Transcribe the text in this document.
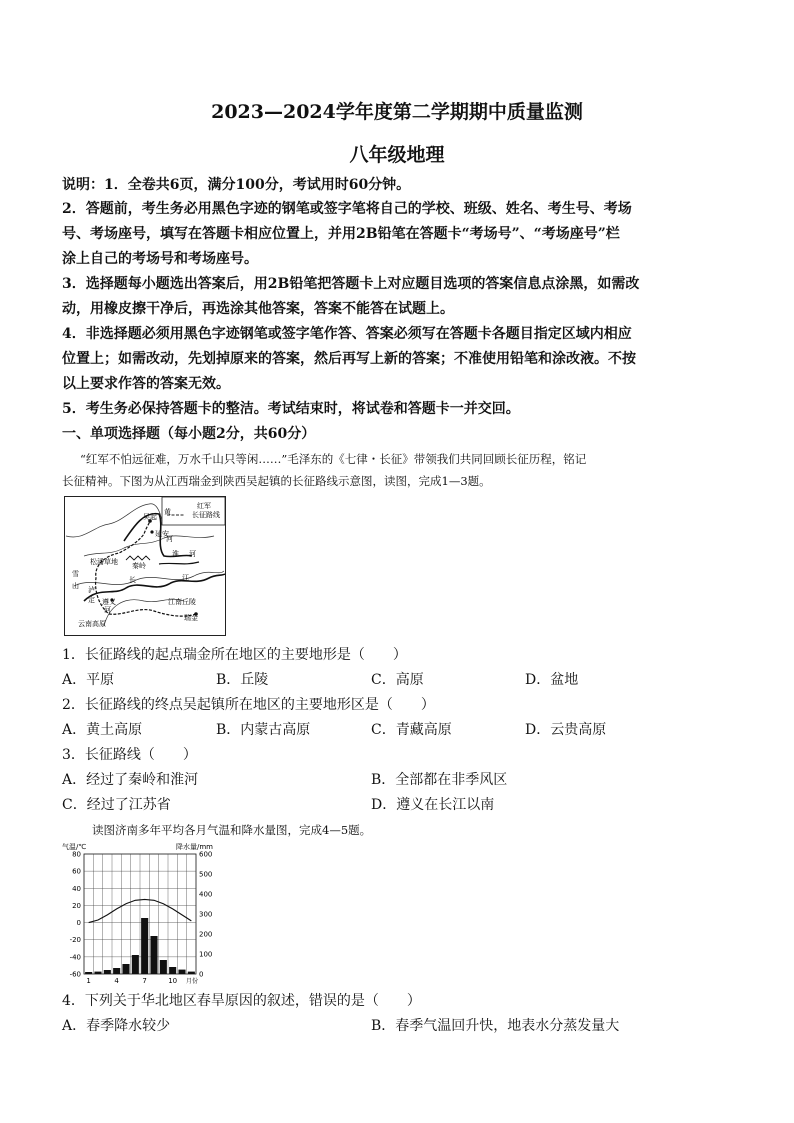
2023—2024学年度第二学期期中质量监测
八年级地理
说明：1．全卷共6页，满分100分，考试用时60分钟。
2．答题前，考生务必用黑色字迹的钢笔或签字笔将自己的学校、班级、姓名、考生号、考场
号、考场座号，填写在答题卡相应位置上，并用2B铅笔在答题卡“考场号”、“考场座号”栏
涂上自己的考场号和考场座号。
3．选择题每小题选出答案后，用2B铅笔把答题卡上对应题目选项的答案信息点涂黑，如需改
动，用橡皮擦干净后，再选涂其他答案，答案不能答在试题上。
4．非选择题必须用黑色字迹钢笔或签字笔作答、答案必须写在答题卡各题目指定区域内相应
位置上；如需改动，先划掉原来的答案，然后再写上新的答案；不准使用铅笔和涂改液。不按
以上要求作答的答案无效。
5．考生务必保持答题卡的整洁。考试结束时，将试卷和答题卡一并交回。
一、单项选择题（每小题2分，共60分）
“红军不怕远征难，万水千山只等闲……”毛泽东的《七律・长征》带领我们共同回顾长征历程，铭记
长征精神。下图为从江西瑞金到陕西吴起镇的长征路线示意图，读图，完成1—3题。
红军
长征路线
吴起
延安
黄
河
淮 河
秦岭
松潘草地
雪
山
长	江
遵义	江南丘陵
瑞金
泸
定
河
云南高原
1．长征路线的起点瑞金所在地区的主要地形是（　　）
A．平原	B．丘陵	C．高原	D．盆地
2．长征路线的终点吴起镇所在地区的主要地形区是（　　）
A．黄土高原	B．内蒙古高原	C．青藏高原	D．云贵高原
3．长征路线（　　）
A．经过了秦岭和淮河	B．全部都在非季风区
C．经过了江苏省	D．遵义在长江以南
读图济南多年平均各月气温和降水量图，完成4—5题。
80
60
40
20
0
-20
-40
-60
600
500
400
300
200
100
0
气温/℃	降水量/mm
1	4	7	10 月份
4．下列关于华北地区春旱原因的叙述，错误的是（　　）
A．春季降水较少	B．春季气温回升快，地表水分蒸发量大
